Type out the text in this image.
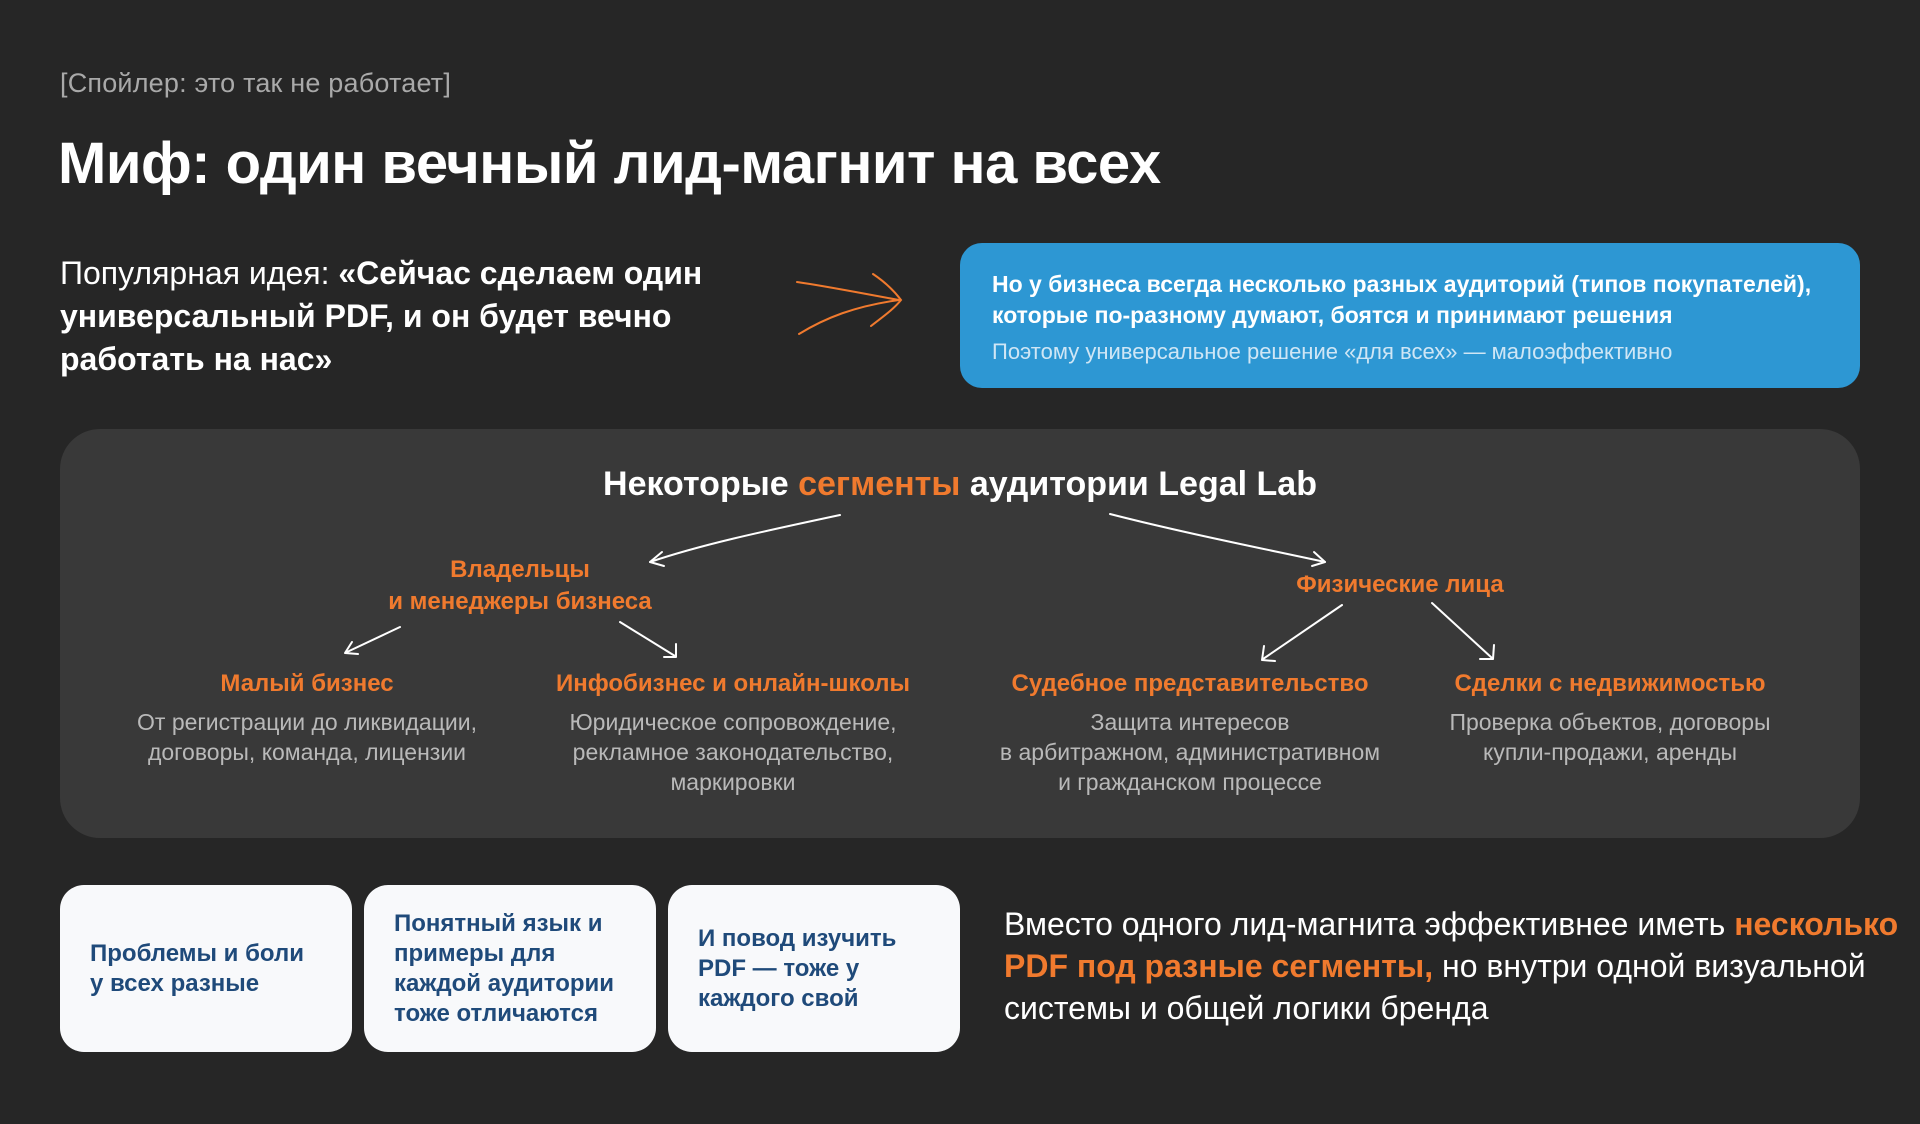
[Спойлер: это так не работает]
Миф: один вечный лид-магнит на всех
Популярная идея: «Сейчас сделаем один универсальный PDF, и он будет вечно работать на нас»
Но у бизнеса всегда несколько разных аудиторий (типов покупателей), которые по-разному думают, боятся и принимают решения
Поэтому универсальное решение «для всех» — малоэффективно
Некоторые сегменты аудитории Legal Lab
Владельцы
и менеджеры бизнеса
Малый бизнес
От регистрации до ликвидации,
договоры, команда, лицензии
Инфобизнес и онлайн-школы
Юридическое сопровождение,
рекламное законодательство,
маркировки
Физические лица
Судебное представительство
Защита интересов
в арбитражном, административном
и гражданском процессе
Сделки с недвижимостью
Проверка объектов, договоры
купли-продажи, аренды
Проблемы и боли у всех разные
Понятный язык и примеры для каждой аудитории тоже отличаются
И повод изучить PDF — тоже у каждого свой
Вместо одного лид-магнита эффективнее иметь несколько PDF под разные сегменты, но внутри одной визуальной системы и общей логики бренда
